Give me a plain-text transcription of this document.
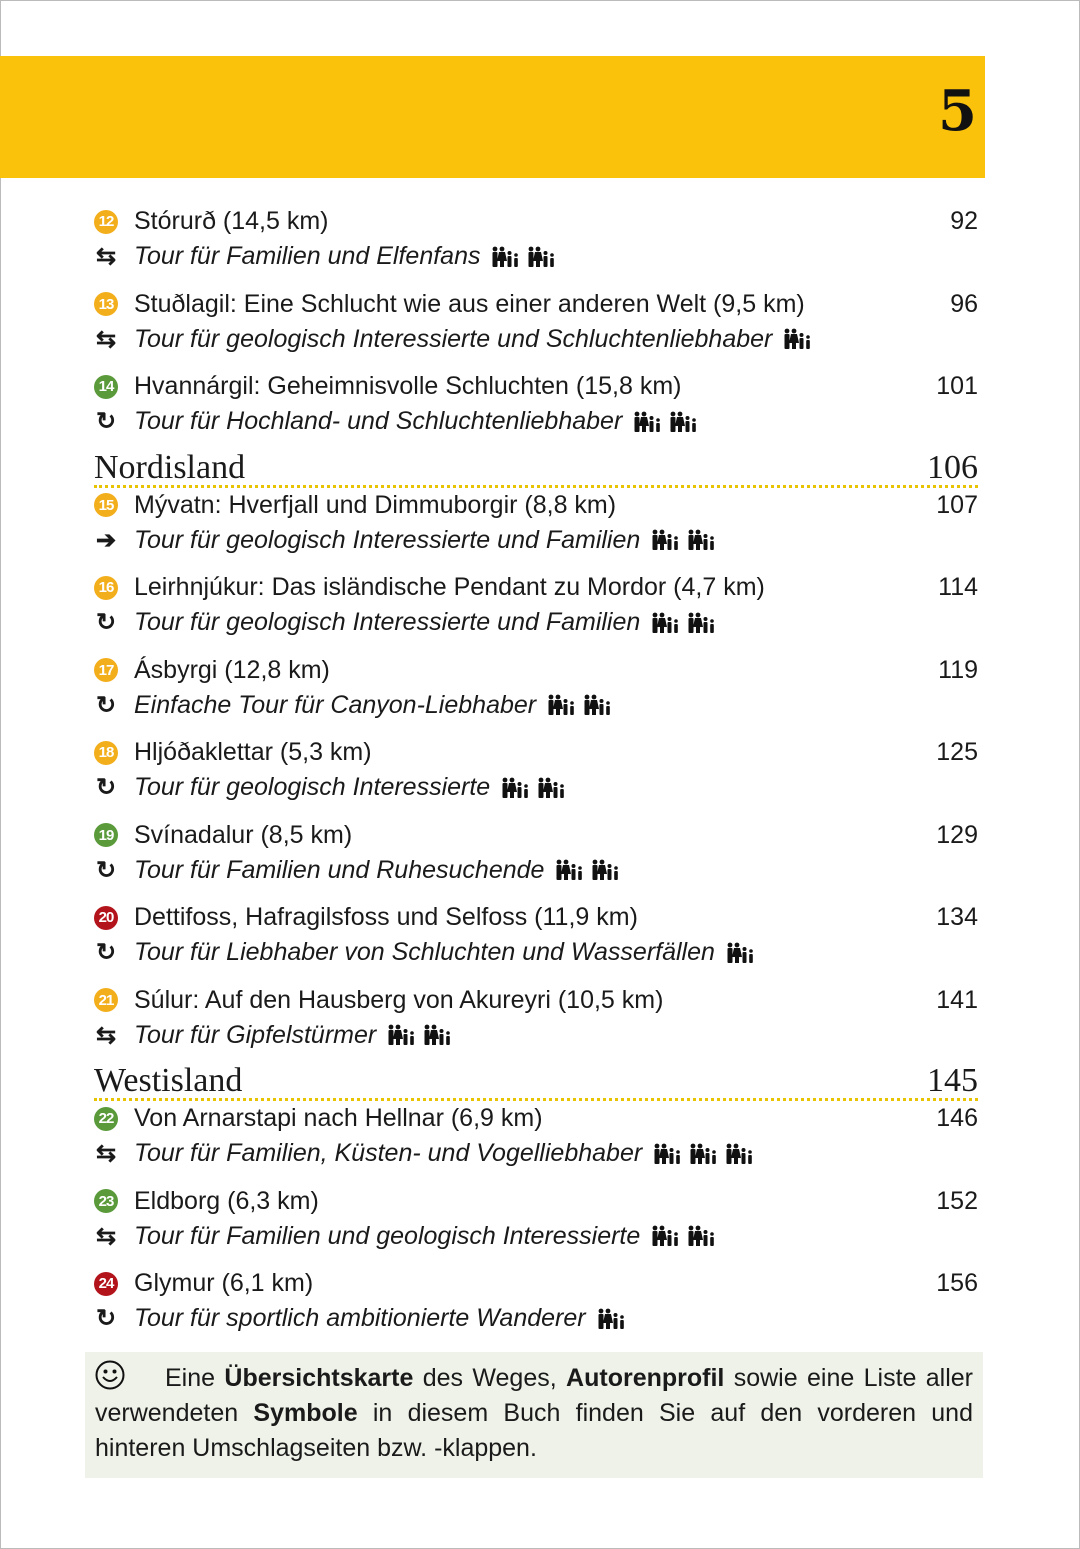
5
12 Stórurð (14,5 km)	92
⇆ Tour für Familien und Elfenfans
13 Stuðlagil: Eine Schlucht wie aus einer anderen Welt (9,5 km)	96
⇆ Tour für geologisch Interessierte und Schluchtenliebhaber
14 Hvannárgil: Geheimnisvolle Schluchten (15,8 km)	101
↻ Tour für Hochland- und Schluchtenliebhaber
Nordisland	106
15 Mývatn: Hverfjall und Dimmuborgir (8,8 km)	107
➔ Tour für geologisch Interessierte und Familien
16 Leirhnjúkur: Das isländische Pendant zu Mordor (4,7 km)	114
↻ Tour für geologisch Interessierte und Familien
17 Ásbyrgi (12,8 km)	119
↻ Einfache Tour für Canyon-Liebhaber
18 Hljóðaklettar (5,3 km)	125
↻ Tour für geologisch Interessierte
19 Svínadalur (8,5 km)	129
↻ Tour für Familien und Ruhesuchende
20 Dettifoss, Hafragilsfoss und Selfoss (11,9 km)	134
↻ Tour für Liebhaber von Schluchten und Wasserfällen
21 Súlur: Auf den Hausberg von Akureyri (10,5 km)	141
⇆ Tour für Gipfelstürmer
Westisland	145
22 Von Arnarstapi nach Hellnar (6,9 km)	146
⇆ Tour für Familien, Küsten- und Vogelliebhaber
23 Eldborg (6,3 km)	152
⇆ Tour für Familien und geologisch Interessierte
24 Glymur (6,1 km)	156
↻ Tour für sportlich ambitionierte Wanderer
Eine Übersichtskarte des Weges, Autorenprofil sowie eine Liste aller verwendeten Symbole in diesem Buch finden Sie auf den vorderen und hinteren Umschlagseiten bzw. -klappen.
